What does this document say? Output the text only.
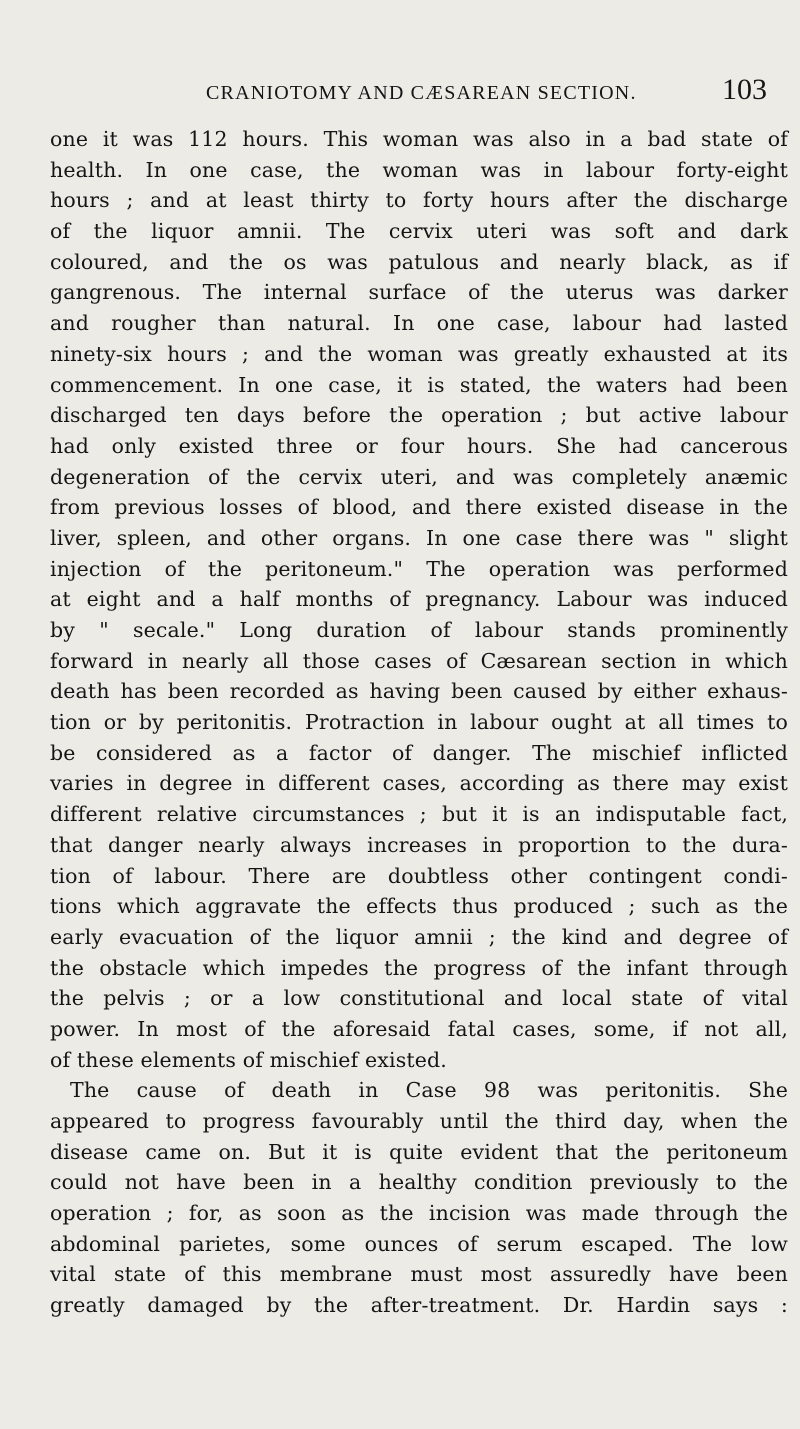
CRANIOTOMY AND CÆSAREAN SECTION.	103
one it was 112 hours. This woman was also in a bad state of
health. In one case, the woman was in labour forty-eight
hours ; and at least thirty to forty hours after the discharge
of the liquor amnii. The cervix uteri was soft and dark
coloured, and the os was patulous and nearly black, as if
gangrenous. The internal surface of the uterus was darker
and rougher than natural. In one case, labour had lasted
ninety-six hours ; and the woman was greatly exhausted at its
commencement. In one case, it is stated, the waters had been
discharged ten days before the operation ; but active labour
had only existed three or four hours. She had cancerous
degeneration of the cervix uteri, and was completely anæmic
from previous losses of blood, and there existed disease in the
liver, spleen, and other organs. In one case there was " slight
injection of the peritoneum." The operation was performed
at eight and a half months of pregnancy. Labour was induced
by " secale." Long duration of labour stands prominently
forward in nearly all those cases of Cæsarean section in which
death has been recorded as having been caused by either exhaus-
tion or by peritonitis. Protraction in labour ought at all times to
be considered as a factor of danger. The mischief inflicted
varies in degree in different cases, according as there may exist
different relative circumstances ; but it is an indisputable fact,
that danger nearly always increases in proportion to the dura-
tion of labour. There are doubtless other contingent condi-
tions which aggravate the effects thus produced ; such as the
early evacuation of the liquor amnii ; the kind and degree of
the obstacle which impedes the progress of the infant through
the pelvis ; or a low constitutional and local state of vital
power. In most of the aforesaid fatal cases, some, if not all,
of these elements of mischief existed.
The cause of death in Case 98 was peritonitis. She
appeared to progress favourably until the third day, when the
disease came on. But it is quite evident that the peritoneum
could not have been in a healthy condition previously to the
operation ; for, as soon as the incision was made through the
abdominal parietes, some ounces of serum escaped. The low
vital state of this membrane must most assuredly have been
greatly damaged by the after-treatment. Dr. Hardin says :
